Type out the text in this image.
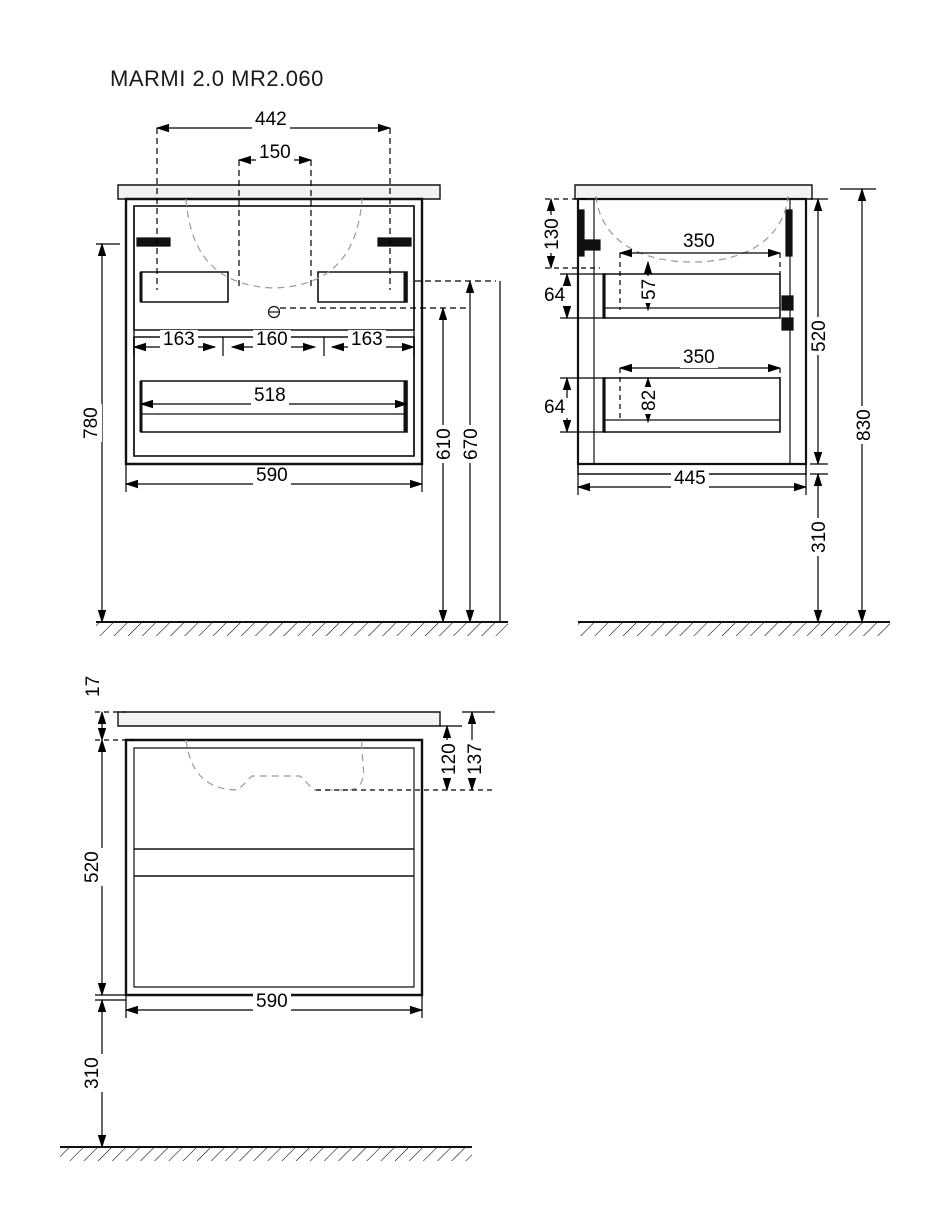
MARMI 2.0 MR2.060
442
150
163	160	163
518
590
780
610 670
130	350
57
64
350
82
64
445
520
830
310
17
120 137
520
590
310
